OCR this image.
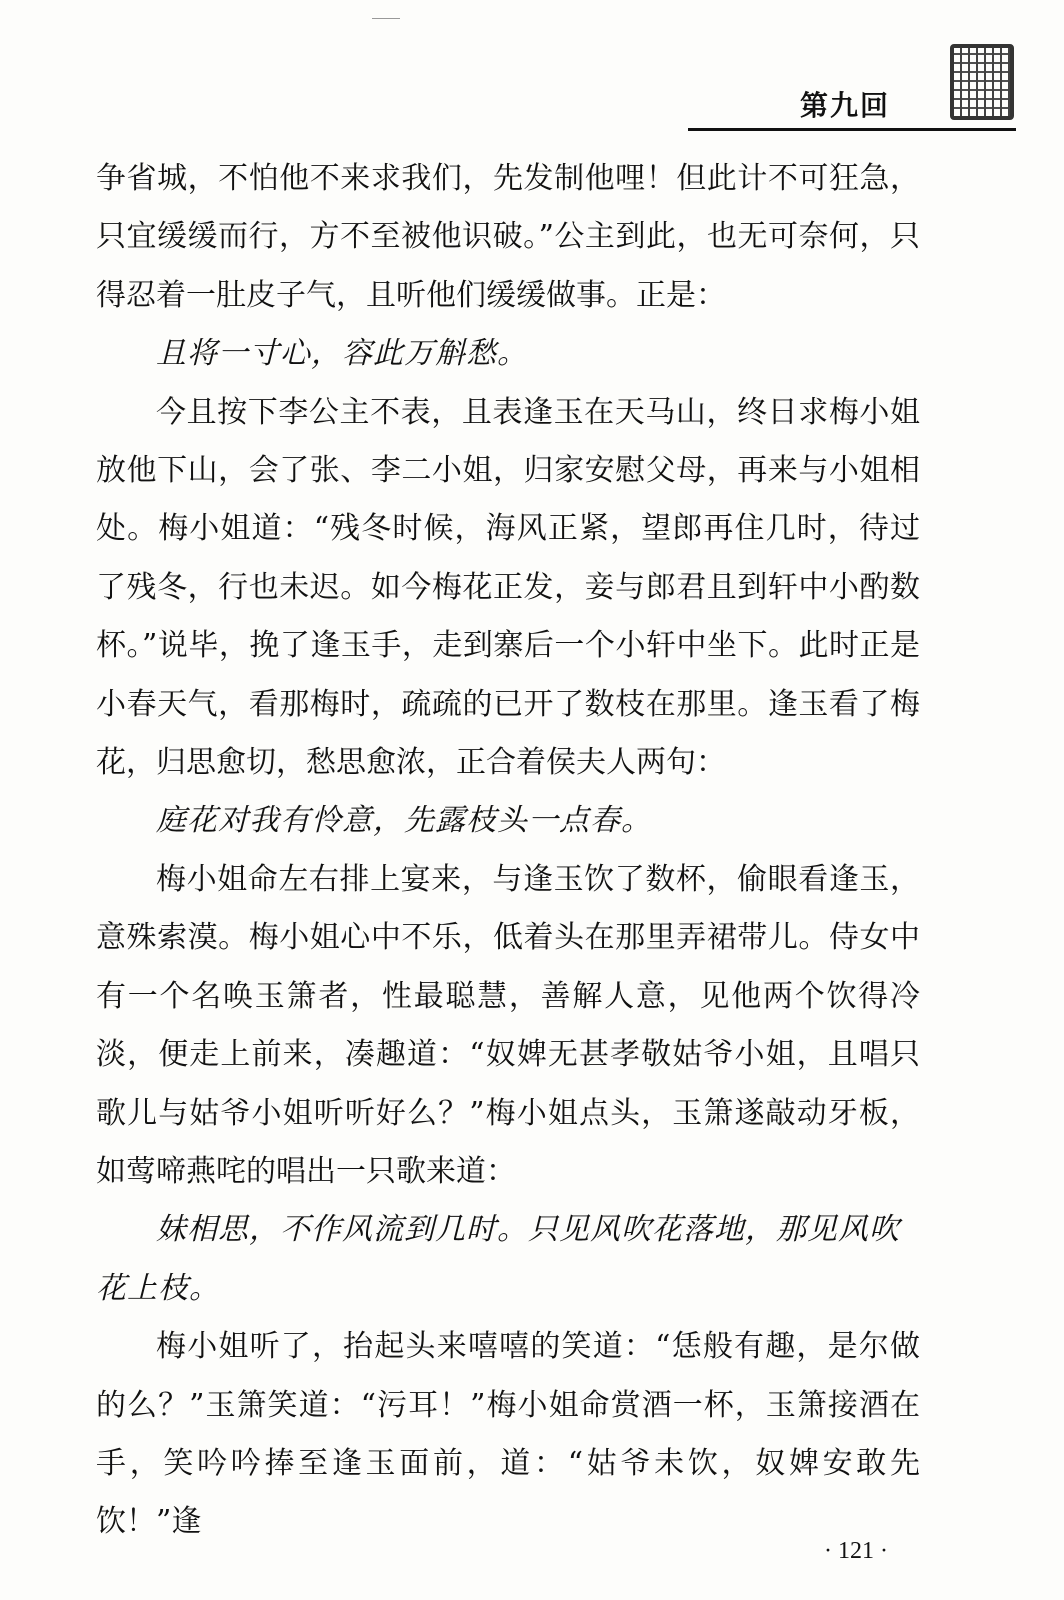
第九回

争省城，不怕他不来求我们，先发制他哩！但此计不可狂急，只宜缓缓而行，方不至被他识破。”公主到此，也无可奈何，只得忍着一肚皮子气，且听他们缓缓做事。正是：

且将一寸心，容此万斛愁。

今且按下李公主不表，且表逢玉在天马山，终日求梅小姐放他下山，会了张、李二小姐，归家安慰父母，再来与小姐相处。梅小姐道：“残冬时候，海风正紧，望郎再住几时，待过了残冬，行也未迟。如今梅花正发，妾与郎君且到轩中小酌数杯。”说毕，挽了逢玉手，走到寨后一个小轩中坐下。此时正是小春天气，看那梅时，疏疏的已开了数枝在那里。逢玉看了梅花，归思愈切，愁思愈浓，正合着侯夫人两句：

庭花对我有怜意，先露枝头一点春。

梅小姐命左右排上宴来，与逢玉饮了数杯，偷眼看逢玉，意殊索漠。梅小姐心中不乐，低着头在那里弄裙带儿。侍女中有一个名唤玉箫者，性最聪慧，善解人意，见他两个饮得冷淡，便走上前来，凑趣道：“奴婢无甚孝敬姑爷小姐，且唱只歌儿与姑爷小姐听听好么？”梅小姐点头，玉箫遂敲动牙板，如莺啼燕咤的唱出一只歌来道：

妹相思，不作风流到几时。只见风吹花落地，那见风吹花上枝。

梅小姐听了，抬起头来嘻嘻的笑道：“恁般有趣，是尔做的么？”玉箫笑道：“污耳！”梅小姐命赏酒一杯，玉箫接酒在手，笑吟吟捧至逢玉面前，道：“姑爷未饮，奴婢安敢先饮！”逢

· 121 ·
